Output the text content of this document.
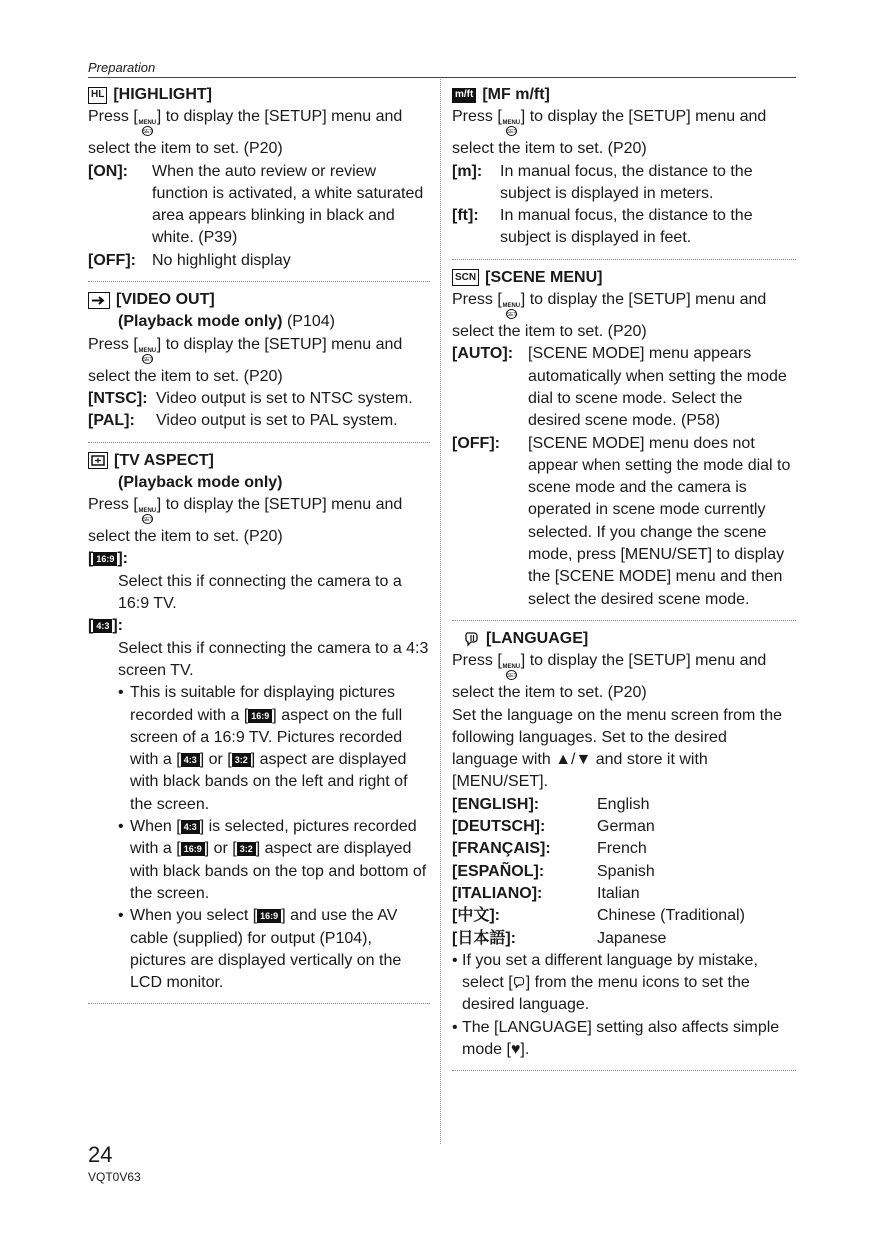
Preparation
HL [HIGHLIGHT]
Press [ MENU
SET
] to display the [SETUP] menu and select the item to set. (P20)
[ON]:	When the auto review or review function is activated, a white saturated area appears blinking in black and white. (P39)
[OFF]:	No highlight display
[VIDEO OUT]
(Playback mode only) (P104)
Press [ MENU
SET
] to display the [SETUP] menu and select the item to set. (P20)
[NTSC]: Video output is set to NTSC system.
[PAL]:	Video output is set to PAL system.
[TV ASPECT]
(Playback mode only)
Press [ MENU
SET
] to display the [SETUP] menu and select the item to set. (P20)
[ 16:9 ]:
Select this if connecting the camera to a 16:9 TV.
[ 4:3 ]:
Select this if connecting the camera to a 4:3 screen TV.
• This is suitable for displaying pictures recorded with a [ 16:9 ] aspect on the full screen of a 16:9 TV. Pictures recorded with a [ 4:3 ] or [ 3:2 ] aspect are displayed with black bands on the left and right of the screen.
• When [ 4:3 ] is selected, pictures recorded with a [ 16:9 ] or [ 3:2 ] aspect are displayed with black bands on the top and bottom of the screen.
• When you select [ 16:9 ] and use the AV cable (supplied) for output (P104), pictures are displayed vertically on the LCD monitor.
m/ft [MF m/ft]
Press [ MENU
SET
] to display the [SETUP] menu and select the item to set. (P20)
[m]:	In manual focus, the distance to the subject is displayed in meters.
[ft]:	In manual focus, the distance to the subject is displayed in feet.
SCN [SCENE MENU]
Press [ MENU
SET
] to display the [SETUP] menu and select the item to set. (P20)
[AUTO]: [SCENE MODE] menu appears automatically when setting the mode dial to scene mode. Select the desired scene mode. (P58)
[OFF]:	[SCENE MODE] menu does not appear when setting the mode dial to scene mode and the camera is operated in scene mode currently selected. If you change the scene mode, press [MENU/SET] to display the [SCENE MODE] menu and then select the desired scene mode.
[LANGUAGE]
Press [ MENU
SET
] to display the [SETUP] menu and select the item to set. (P20)
Set the language on the menu screen from the following languages. Set to the desired language with ▲/▼ and store it with [MENU/SET].
[ENGLISH]:	English
[DEUTSCH]:	German
[FRANÇAIS]:	French
[ESPAÑOL]:	Spanish
[ITALIANO]:	Italian
[中文]:	Chinese (Traditional)
[日本語]:	Japanese
• If you set a different language by mistake, select [ ] from the menu icons to set the desired language.
• The [LANGUAGE] setting also affects simple mode [♥].
24
VQT0V63
